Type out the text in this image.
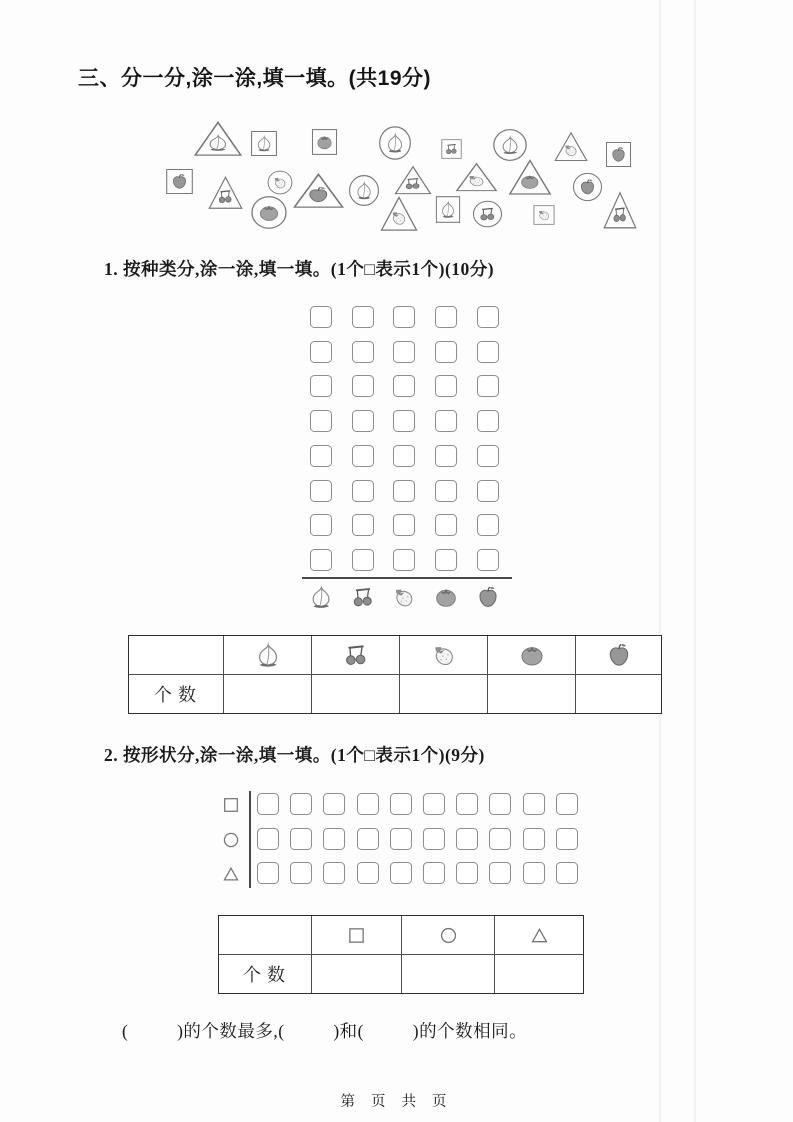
三、分一分,涂一涂,填一填。(共19分)
1. 按种类分,涂一涂,填一填。(1个□表示1个)(10分)
个数
2. 按形状分,涂一涂,填一填。(1个□表示1个)(9分)
个数
(          )的个数最多,(          )和(          )的个数相同。
第 页 共 页
